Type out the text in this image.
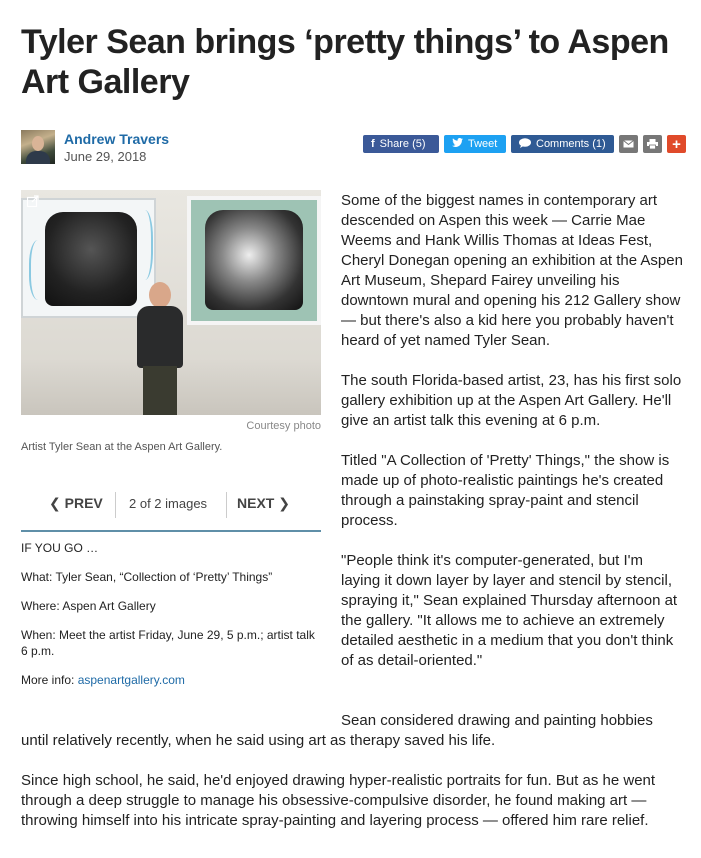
Tyler Sean brings ‘pretty things’ to Aspen Art Gallery
Andrew Travers
June 29, 2018
f Share (5)	Tweet	Comments (1)	+
Courtesy photo
Artist Tyler Sean at the Aspen Art Gallery.
❮ PREV 2 of 2 images NEXT ❯

IF YOU GO …

What: Tyler Sean, “Collection of ‘Pretty’ Things”

Where: Aspen Art Gallery

When: Meet the artist Friday, June 29, 5 p.m.; artist talk 6 p.m.

More info: aspenartgallery.com

Some of the biggest names in contemporary art descended on Aspen this week — Carrie Mae Weems and Hank Willis Thomas at Ideas Fest, Cheryl Donegan opening an exhibition at the Aspen Art Museum, Shepard Fairey unveiling his downtown mural and opening his 212 Gallery show — but there's also a kid here you probably haven't heard of yet named Tyler Sean.

The south Florida-based artist, 23, has his first solo gallery exhibition up at the Aspen Art Gallery. He'll give an artist talk this evening at 6 p.m.

Titled "A Collection of 'Pretty' Things," the show is made up of photo-realistic paintings he's created through a painstaking spray-paint and stencil process.

"People think it's computer-generated, but I'm laying it down layer by layer and stencil by stencil, spraying it," Sean explained Thursday afternoon at the gallery. "It allows me to achieve an extremely detailed aesthetic in a medium that you don't think of as detail-oriented."

Sean considered drawing and painting hobbies
until relatively recently, when he said using art as therapy saved his life.

Since high school, he said, he'd enjoyed drawing hyper-realistic portraits for fun. But as he went through a deep struggle to manage his obsessive-compulsive disorder, he found making art — throwing himself into his intricate spray-painting and layering process — offered him rare relief.
